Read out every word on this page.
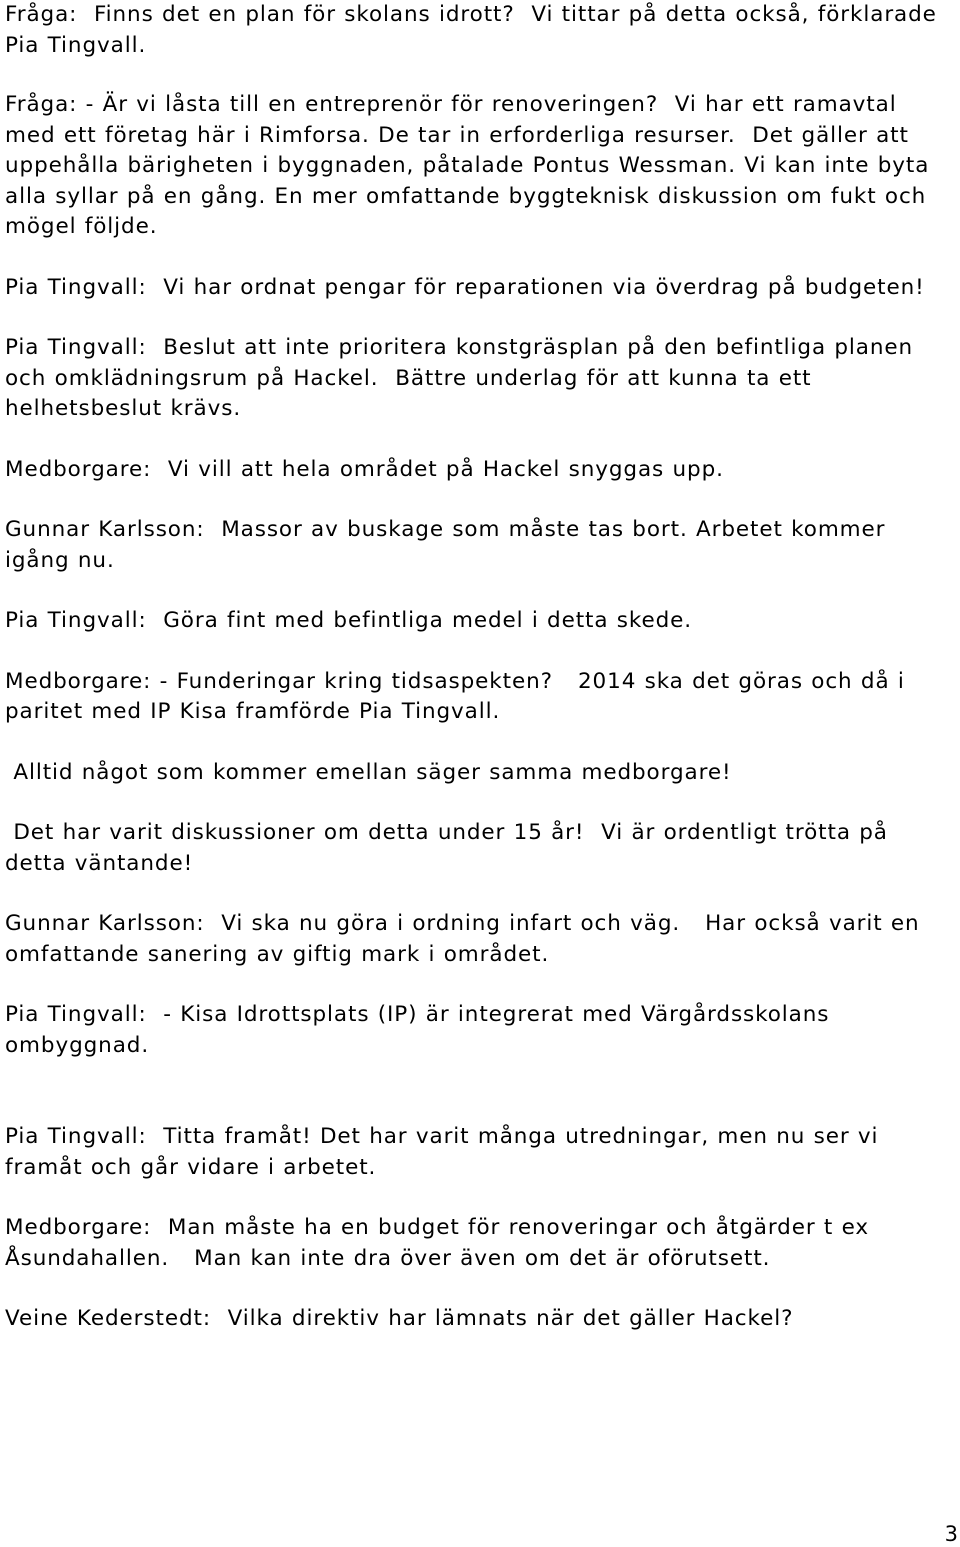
Fråga:  Finns det en plan för skolans idrott?  Vi tittar på detta också, förklarade Pia Tingvall.

Fråga: - Är vi låsta till en entreprenör för renoveringen?  Vi har ett ramavtal med ett företag här i Rimforsa. De tar in erforderliga resurser.  Det gäller att uppehålla bärigheten i byggnaden, påtalade Pontus Wessman. Vi kan inte byta alla syllar på en gång. En mer omfattande byggteknisk diskussion om fukt och mögel följde.

Pia Tingvall:  Vi har ordnat pengar för reparationen via överdrag på budgeten!

Pia Tingvall:  Beslut att inte prioritera konstgräsplan på den befintliga planen och omklädningsrum på Hackel.  Bättre underlag för att kunna ta ett helhetsbeslut krävs.

Medborgare:  Vi vill att hela området på Hackel snyggas upp.

Gunnar Karlsson:  Massor av buskage som måste tas bort. Arbetet kommer igång nu.

Pia Tingvall:  Göra fint med befintliga medel i detta skede.

Medborgare: - Funderingar kring tidsaspekten?   2014 ska det göras och då i paritet med IP Kisa framförde Pia Tingvall.

Alltid något som kommer emellan säger samma medborgare!

Det har varit diskussioner om detta under 15 år!  Vi är ordentligt trötta på detta väntande!

Gunnar Karlsson:  Vi ska nu göra i ordning infart och väg.   Har också varit en omfattande sanering av giftig mark i området.

Pia Tingvall:  - Kisa Idrottsplats (IP) är integrerat med Värgårdsskolans ombyggnad.

Pia Tingvall:  Titta framåt! Det har varit många utredningar, men nu ser vi framåt och går vidare i arbetet.

Medborgare:  Man måste ha en budget för renoveringar och åtgärder t ex Åsundahallen.   Man kan inte dra över även om det är oförutsett.

Veine Kederstedt:  Vilka direktiv har lämnats när det gäller Hackel?

3
